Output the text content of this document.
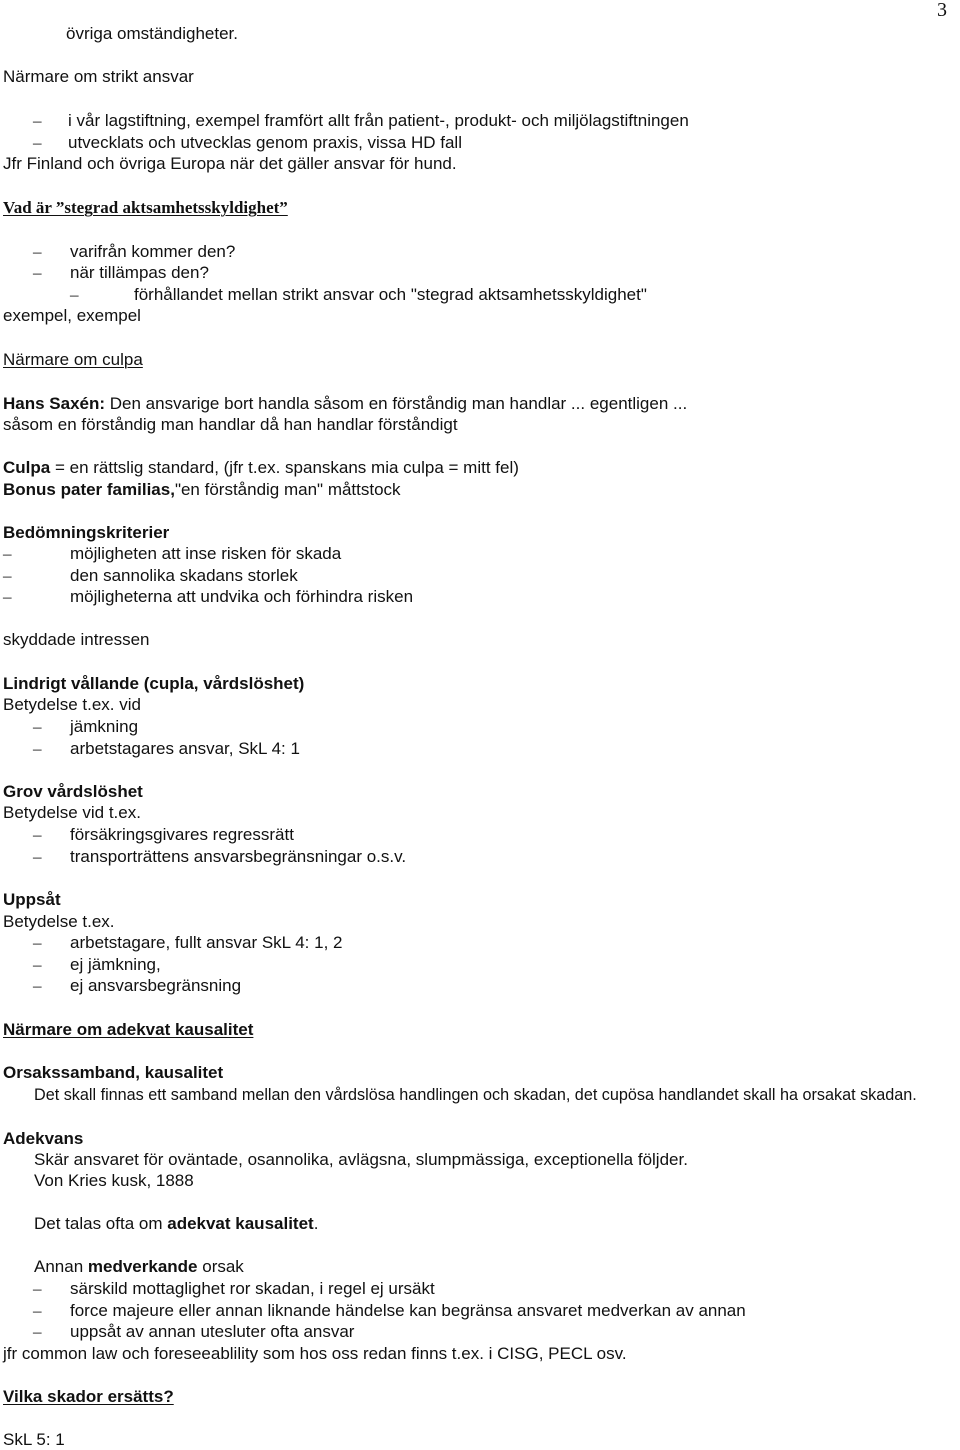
3
övriga omständigheter.
Närmare om strikt ansvar
– i vår lagstiftning, exempel framfört allt från patient-, produkt- och miljölagstiftningen
– utvecklats och utvecklas genom praxis, vissa HD fall
Jfr Finland och övriga Europa när det gäller ansvar för hund.
Vad är ”stegrad aktsamhetsskyldighet”
– varifrån kommer den?
– när tillämpas den?
–	förhållandet mellan strikt ansvar och "stegrad aktsamhetsskyldighet"
exempel, exempel
Närmare om culpa
Hans Saxén: Den ansvarige bort handla såsom en förståndig man handlar ... egentligen ...
såsom en förståndig man handlar då han handlar förståndigt
Culpa = en rättslig standard, (jfr t.ex. spanskans mia culpa = mitt fel)
Bonus pater familias,"en förståndig man" måttstock
Bedömningskriterier
–	möjligheten att inse risken för skada
–	den sannolika skadans storlek
–	möjligheterna att undvika och förhindra risken
skyddade intressen
Lindrigt vållande (cupla, vårdslöshet)
Betydelse t.ex. vid
– jämkning
– arbetstagares ansvar, SkL 4: 1
Grov vårdslöshet
Betydelse vid t.ex.
– försäkringsgivares regressrätt
– transporträttens ansvarsbegränsningar o.s.v.
Uppsåt
Betydelse t.ex.
– arbetstagare, fullt ansvar SkL 4: 1, 2
– ej jämkning,
– ej ansvarsbegränsning
Närmare om adekvat kausalitet
Orsakssamband, kausalitet
Det skall finnas ett samband mellan den vårdslösa handlingen och skadan, det cupösa handlandet skall ha orsakat skadan.
Adekvans
Skär ansvaret för oväntade, osannolika, avlägsna, slumpmässiga, exceptionella följder.
Von Kries kusk, 1888
Det talas ofta om adekvat kausalitet.
Annan medverkande orsak
– särskild mottaglighet ror skadan, i regel ej ursäkt
– force majeure eller annan liknande händelse kan begränsa ansvaret medverkan av annan
– uppsåt av annan utesluter ofta ansvar
jfr common law och foreseeablility som hos oss redan finns t.ex. i CISG, PECL osv.
Vilka skador ersätts?
SkL 5: 1
